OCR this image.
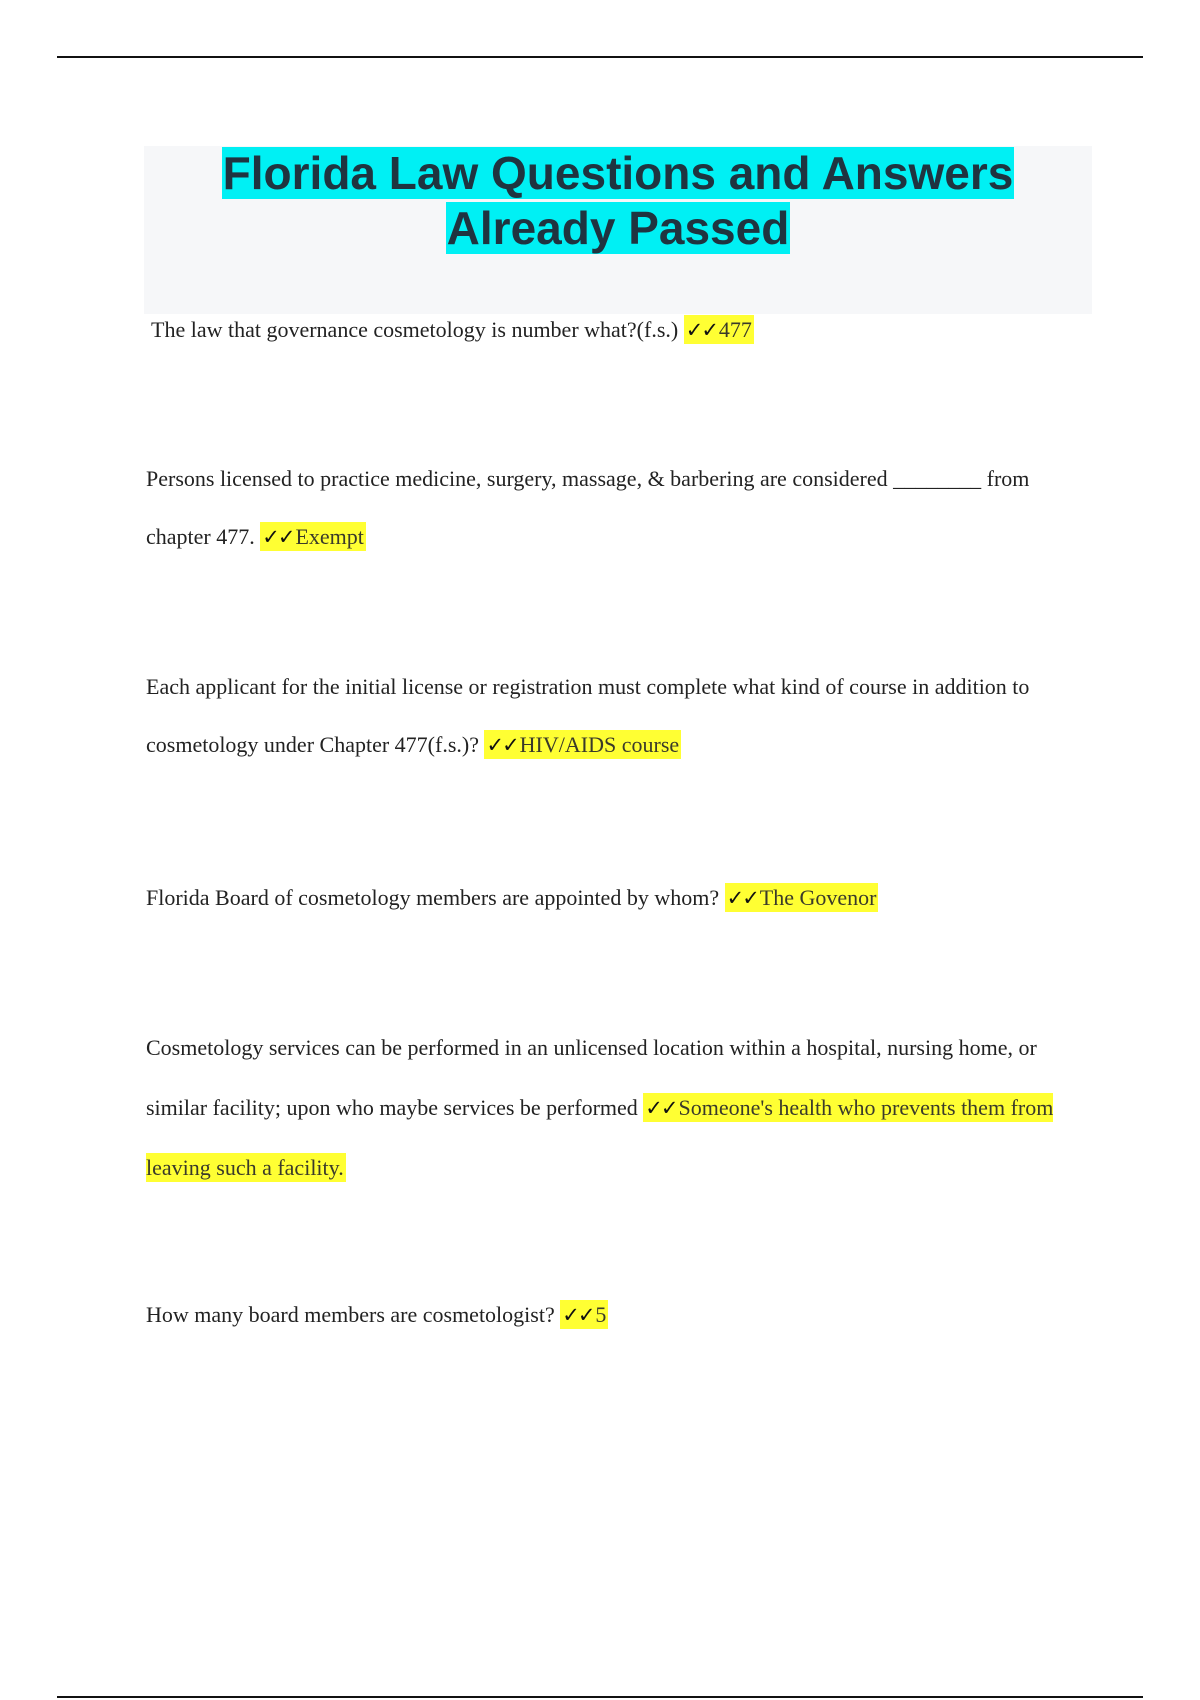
Florida Law Questions and Answers
Already Passed

The law that governance cosmetology is number what?(f.s.) ✓✓477

Persons licensed to practice medicine, surgery, massage, & barbering are considered ________ from chapter 477. ✓✓Exempt

Each applicant for the initial license or registration must complete what kind of course in addition to cosmetology under Chapter 477(f.s.)? ✓✓HIV/AIDS course

Florida Board of cosmetology members are appointed by whom? ✓✓The Govenor

Cosmetology services can be performed in an unlicensed location within a hospital, nursing home, or similar facility; upon who maybe services be performed ✓✓Someone's health who prevents them from leaving such a facility.

How many board members are cosmetologist? ✓✓5
